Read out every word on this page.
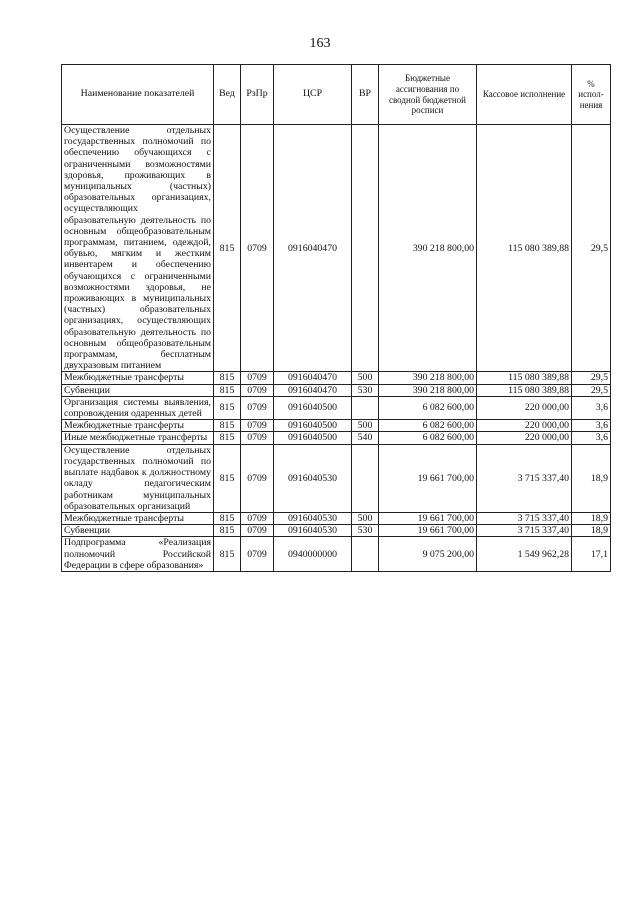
163
Наименование показателей	Вед	РзПр	ЦСР	ВР	Бюджетные ассигнования по сводной бюджетной росписи	Кассовое исполнение	% испол-нения
Осуществление отдельных государственных полномочий по обеспечению обучающихся с ограниченными возможностями здоровья, проживающих в муниципальных (частных) образовательных организациях, осуществляющих образовательную деятельность по основным общеобразовательным программам, питанием, одеждой, обувью, мягким и жестким инвентарем и обеспечению обучающихся с ограниченными возможностями здоровья, не проживающих в муниципальных (частных) образовательных организациях, осуществляющих образовательную деятельность по основным общеобразовательным программам, бесплатным двухразовым питанием	815	0709	0916040470		390 218 800,00	115 080 389,88	29,5
Межбюджетные трансферты	815	0709	0916040470	500	390 218 800,00	115 080 389,88	29,5
Субвенции	815	0709	0916040470	530	390 218 800,00	115 080 389,88	29,5
Организация системы выявления, сопровождения одаренных детей	815	0709	0916040500		6 082 600,00	220 000,00	3,6
Межбюджетные трансферты	815	0709	0916040500	500	6 082 600,00	220 000,00	3,6
Иные межбюджетные трансферты	815	0709	0916040500	540	6 082 600,00	220 000,00	3,6
Осуществление отдельных государственных полномочий по выплате надбавок к должностному окладу педагогическим работникам муниципальных образовательных организаций	815	0709	0916040530		19 661 700,00	3 715 337,40	18,9
Межбюджетные трансферты	815	0709	0916040530	500	19 661 700,00	3 715 337,40	18,9
Субвенции	815	0709	0916040530	530	19 661 700,00	3 715 337,40	18,9
Подпрограмма «Реализация полномочий Российской Федерации в сфере образования»	815	0709	0940000000		9 075 200,00	1 549 962,28	17,1
